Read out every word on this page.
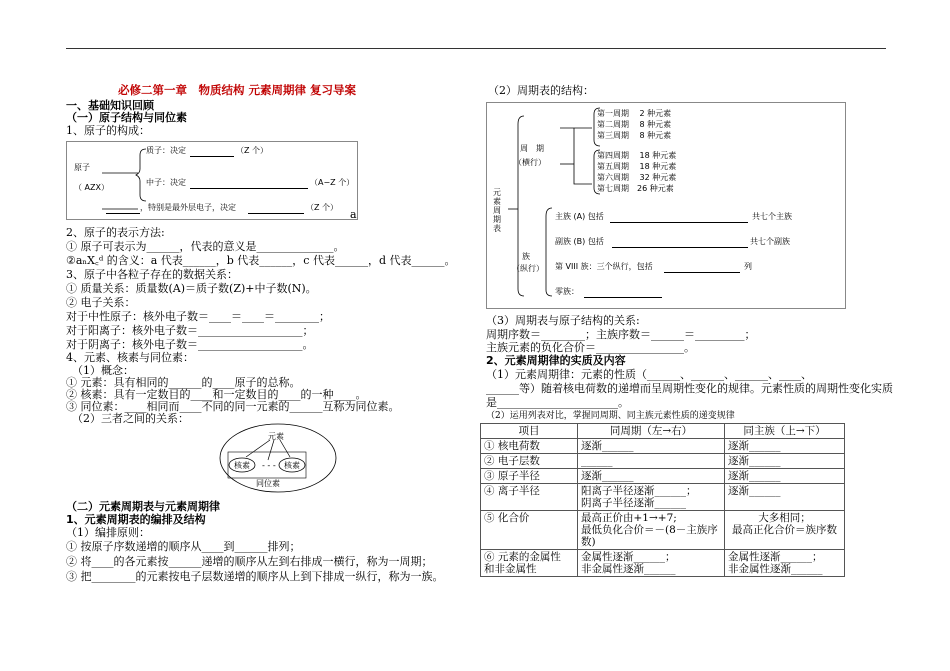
必修二第一章　物质结构 元素周期律 复习导案
一、基础知识回顾
（一）原子结构与同位素
1、原子的构成：
原子
（ AZX）
质子：决定	（Z 个）
中子：决定	（A−Z 个）
，特别是最外层电子，决定	（Z 个）
a
2、原子的表示方法:
① 原子可表示为______，代表的意义是______________。
②aₙX꜀ᵈ 的含义：a 代表______，b 代表______，c 代表______，d 代表______。
3、原子中各粒子存在的数据关系：
① 质量关系：质量数(A)＝质子数(Z)+中子数(N)。
② 电子关系：
对于中性原子：核外电子数＝____＝____＝________；
对于阳离子：核外电子数＝___________________；
对于阴离子：核外电子数＝___________________。
4、元素、核素与同位素：
（1）概念：
① 元素：具有相同的______的____原子的总称。
② 核素：具有一定数目的____和一定数目的____的一种____。
③ 同位素：____相同而____不同的同一元素的______互称为同位素。
（2）三者之间的关系：
元素
核素 - - - 核素
同位素
（二）元素周期表与元素周期律
1、元素周期表的编排及结构
（1）编排原则：
① 按原子序数递增的顺序从____到______排列；
② 将____的各元素按______递增的顺序从左到右排成一横行，称为一周期；
③ 把________的元素按电子层数递增的顺序从上到下排成一纵行，称为一族。
（2）周期表的结构：
元素周期表
周　期
（横行）
第一周期　 2 种元素
第二周期　 8 种元素
第三周期　 8 种元素
第四周期　 18 种元素
第五周期　 18 种元素
第六周期　 32 种元素
第七周期　26 种元素
族
（纵行）
主族 (A) 包括	共七个主族
副族 (B) 包括	共七个副族
第 VIII 族：三个纵行，包括	列
零族：
（3）周期表与原子结构的关系:
周期序数＝________；主族序数＝______＝_________；
主族元素的负化合价＝________________。
2、元素周期律的实质及内容
（1）元素周期律：元素的性质（______、______、______、____、
______等）随着核电荷数的递增而呈周期性变化的规律。元素性质的周期性变化实质
是______________________。
（2）运用列表对比，掌握同周期、同主族元素性质的递变规律
项目	同周期（左→右）	同主族（上→下）
① 核电荷数	逐渐______	逐渐______
② 电子层数	______	逐渐______
③ 原子半径	逐渐______	逐渐______
④ 离子半径	阳离子半径逐渐______；
阴离子半径逐渐______	逐渐______
⑤ 化合价	最高正价由+1→+7;
最低负化合价＝－(8－主族序数)	大多相同；
最高正化合价＝族序数
⑥ 元素的金属性
和非金属性	金属性逐渐______；
非金属性逐渐______	金属性逐渐______；
非金属性逐渐______
